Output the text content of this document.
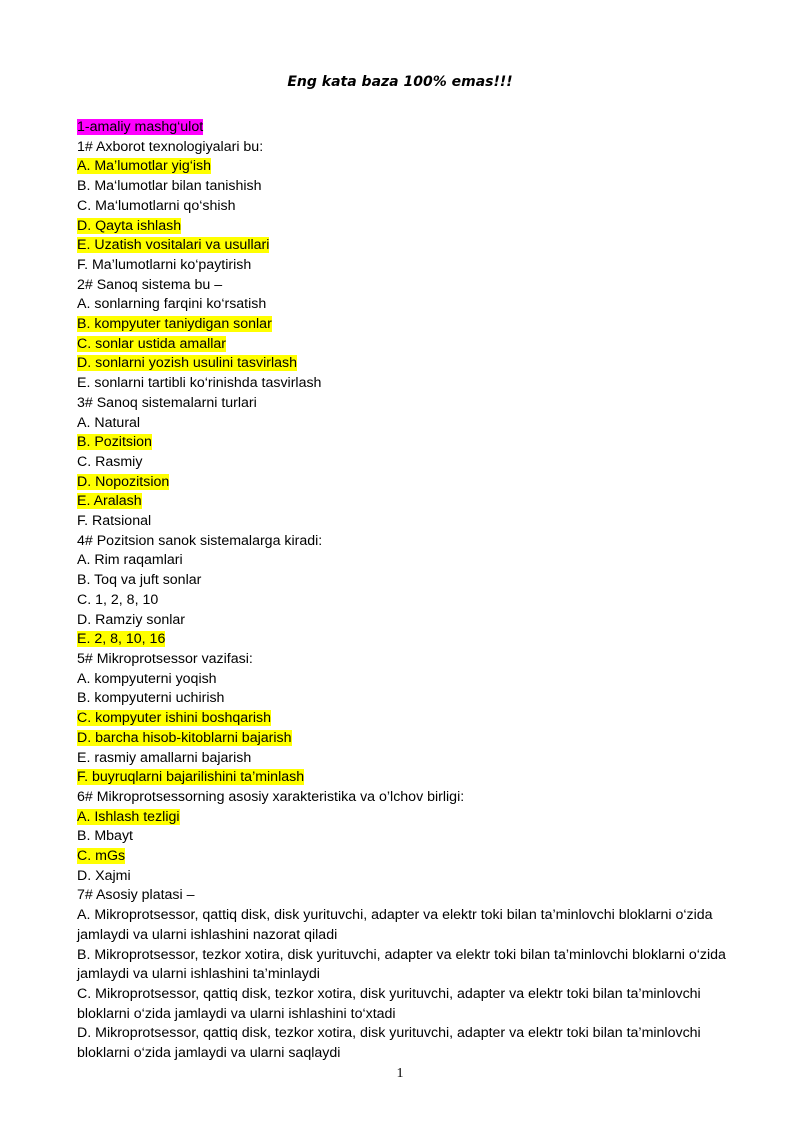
Eng kata baza 100% emas!!!
1-amaliy mashg‘ulot
1# Axborot texnologiyalari bu:
A. Ma’lumotlar yig‘ish
B. Ma‘lumotlar bilan tanishish
C. Ma‘lumotlarni qo‘shish
D. Qayta ishlash
E. Uzatish vositalari va usullari
F. Ma’lumotlarni ko‘paytirish
2# Sanoq sistema bu –
A. sonlarning farqini ko‘rsatish
B. kompyuter taniydigan sonlar
C. sonlar ustida amallar
D. sonlarni yozish usulini tasvirlash
E. sonlarni tartibli ko‘rinishda tasvirlash
3# Sanoq sistemalarni turlari
A. Natural
B. Pozitsion
C. Rasmiy
D. Nopozitsion
E. Aralash
F. Ratsional
4# Pozitsion sanok sistemalarga kiradi:
A. Rim raqamlari
B. Toq va juft sonlar
C. 1, 2, 8, 10
D. Ramziy sonlar
E. 2, 8, 10, 16
5# Mikroprotsessor vazifasi:
A. kompyuterni yoqish
B. kompyuterni uchirish
C. kompyuter ishini boshqarish
D. barcha hisob-kitoblarni bajarish
E. rasmiy amallarni bajarish
F. buyruqlarni bajarilishini ta’minlash
6# Mikroprotsessorning asosiy xarakteristika va o’lchov birligi:
A. Ishlash tezligi
B. Mbayt
C. mGs
D. Xajmi
7# Asosiy platasi –
A. Mikroprotsessor, qattiq disk, disk yurituvchi, adapter va elektr toki bilan ta’minlovchi bloklarni o‘zida jamlaydi va ularni ishlashini nazorat qiladi
B. Mikroprotsessor, tezkor xotira, disk yurituvchi, adapter va elektr toki bilan ta’minlovchi bloklarni o‘zida jamlaydi va ularni ishlashini ta’minlaydi
C. Mikroprotsessor, qattiq disk, tezkor xotira, disk yurituvchi, adapter va elektr toki bilan ta’minlovchi bloklarni o‘zida jamlaydi va ularni ishlashini to‘xtadi
D. Mikroprotsessor, qattiq disk, tezkor xotira, disk yurituvchi, adapter va elektr toki bilan ta’minlovchi bloklarni o‘zida jamlaydi va ularni saqlaydi
1
